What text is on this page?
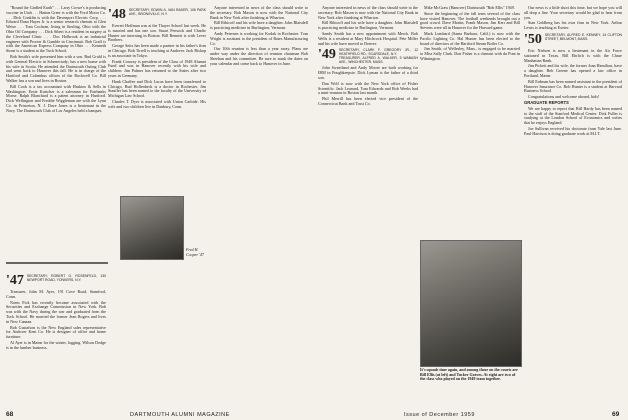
"Round the Girdled Earth" . . . Larry Crowe's is producing vaccine in Utah . . . Hatton Greer is with the Ford Motor Co. . . . Dick Conklin is with the Davenport Electric Corp. . . . Edward Dana Hayes Jr. is a senior research chemist at Glen Weise . . . Tom Cochran, living in Sterling, Ohio with the Ohio Oil Company . . . Dick Sibert is a resident in surgery at the Cleveland Clinic . . . Doc Holbrook is an industrial engineer with Procter & Gamble in Cincinnati. Bob Graff is with the American Express Company in Ohio . . . Kenneth Stone is a student at the Tuck School.

Bob Smith's wife presented him with a son. Bud Gruhl is with General Electric in Schenectady; has a new home with his wife in Scotia. He attended the Dartmouth Outing Club and went back to Hanover this fall. He is in charge of the Hartford and Columbus offices of the Rockwell Co. Bill Walker has a son and lives in Boston.

Bill Cook is a tax accountant with Haskins & Sells in Washington. Ernie Kutscher is a salesman for Fairbanks Morse. Ralph Blanchard is a patent attorney in Hartford. Dick Wellington and Freddie Wiggleman are with the Lynn Co. in Princeton, N. J. Dave Jones is a lieutenant in the Navy. The Dartmouth Club of Los Angeles held a banquet.

'47 SECRETARY, ROBERT G. ROSENFELD, 130 NEWPORT ROAD, YONKERS, N.Y.

Treasurer, John M. Ayer, 191 Cove Road, Stamford, Conn.

Norm Fick has recently become associated with the Securities and Exchange Commission in New York. Bob was with the Navy during the war and graduated from the Tuck School. He married the former Jean Rogers and lives in New Canaan.

Bob Gustafson is the New England sales representative for Andover Kent Co. He is designer of office and home furniture.

Al Ayer is in Maine for the winter, logging. Wilson Dodge is in the lumber business.

'48 SECRETARY, EDWIN A. VAN RADER, 106 PARK AVE., BRONXVILLE, N.Y.

Everett Hoffman was at the Thayer School last week. He is married and has one son. Stuart Fenwick and Charlie Hunter are interning in Boston. Bill Bennett is with Lever Brothers.

George Seitz has been made a partner in his father's firm in Chicago. Bob Tirrell is teaching at Andover. Jack Bishop is an associate in Tokyo.

Frank Conway is president of the Class of 1948 Alumni Fund and was in Hanover recently with his wife and children. Jim Palmer has returned to the States after two years in Germany.

Hank Chaffee and Dick Lucas have been transferred to Chicago. Bud Hollenbeck is a doctor in Rochester. Jim Stauffer has been named to the faculty of the University of Michigan Law School.

Charles T. Dyer is associated with Union Carbide. His wife and two children live in Danbury, Conn.

Fred H. Cooper '47

Anyone interested in news of the class should write to the secretary. Bob Mason is now with the National City Bank in New York after finishing at Wharton.

Bill Ribicoff and his wife have a daughter. John Blaisdell is practicing medicine in Burlington, Vermont.

Andy Petersen is working for Kodak in Rochester. Tom Wright is assistant to the president of Bates Manufacturing Co.

Our 10th reunion is less than a year away. Plans are under way under the direction of reunion chairman Bob Sheehan and his committee. Be sure to mark the dates on your calendar and come back to Hanover in June.

68	DARTMOUTH ALUMNI MAGAZINE

Anyone interested in news of the class should write to the secretary. Bob Mason is now with the National City Bank in New York after finishing at Wharton.

Bill Ribicoff and his wife have a daughter. John Blaisdell is practicing medicine in Burlington, Vermont.

Sandy Smith has a new appointment with Merck. Bob Wells is a resident at Mary Hitchcock Hospital. Pete Miller and his wife have moved to Denver.

'49 SECRETARY, CLARK F. GREGORY JR., 12 HEATHFIELD RD., SCARSDALE, N.Y.
TREASURER, ALFRED A. WALKER, 9 WABASH AVE., WINCHESTER, MASS.

John Sweetland and Andy Moore are both working for IBM in Poughkeepsie. Dick Lyman is the father of a third son.

Dan Wolf is now with the New York office of Fisher Scientific. Jack Leonard, Tom Edwards and Bob Weeks had a mini-reunion in Boston last month.

Phil Merrill has been elected vice president of the Connecticut Bank and Trust Co.

Mike McGraw (Hanover) Dartmouth "Bob Ellis" 1949.

Since the beginning of the fall term several of the class have visited Hanover. The football weekends brought out a good crowd. Dave Martin, Frank Mason, Jim Kerr and Bill Stevens were all in Hanover for the Harvard game.

Mark Lombard (Santa Barbara, Calif.) is now with the Pacific Lighting Co. Hal Hunter has been elected to the board of directors of the Hartford Steam Boiler Co.

Jim Smith, of Wellesley, Mass., is engaged to be married to Miss Sally Clark. Don Fisher is a chemist with du Pont in Wilmington.

It's squash time again, and among those on the courts are Bill Ellis (at left) and Tucker Graves. At right are two of the class who played on the 1949 team together.

Our news is a little short this time, but we hope you will all drop a line. Your secretary would be glad to hear from you.

Stan Goldberg has his own firm in New York. Arthur Lewis is teaching at Exeter.

'50 SECRETARY, ALFRED E. KENNEY, 14 CLIFTON STREET, BELMONT, MASS.

Eric Nielsen is now a lieutenant in the Air Force stationed in Texas. Bill Ehrlich is with the Chase Manhattan Bank.

Jim Pickett and his wife, the former Joan Hamilton, have a daughter. Bob Greene has opened a law office in Portland, Maine.

Bill Erdman has been named assistant to the president of Hanover Insurance Co. Bob Hunter is a student at Harvard Business School.

Congratulations and welcome aboard, kids!

GRADUATE REPORTS

We are happy to report that Bill Hardy has been named to the staff of the Stanford Medical Center. Dick Fuller is studying at the London School of Economics and writes that he enjoys England.

Joe Sullivan received his doctorate from Yale last June. Paul Harrison is doing graduate work at M.I.T.

Issue of December 1959	69
